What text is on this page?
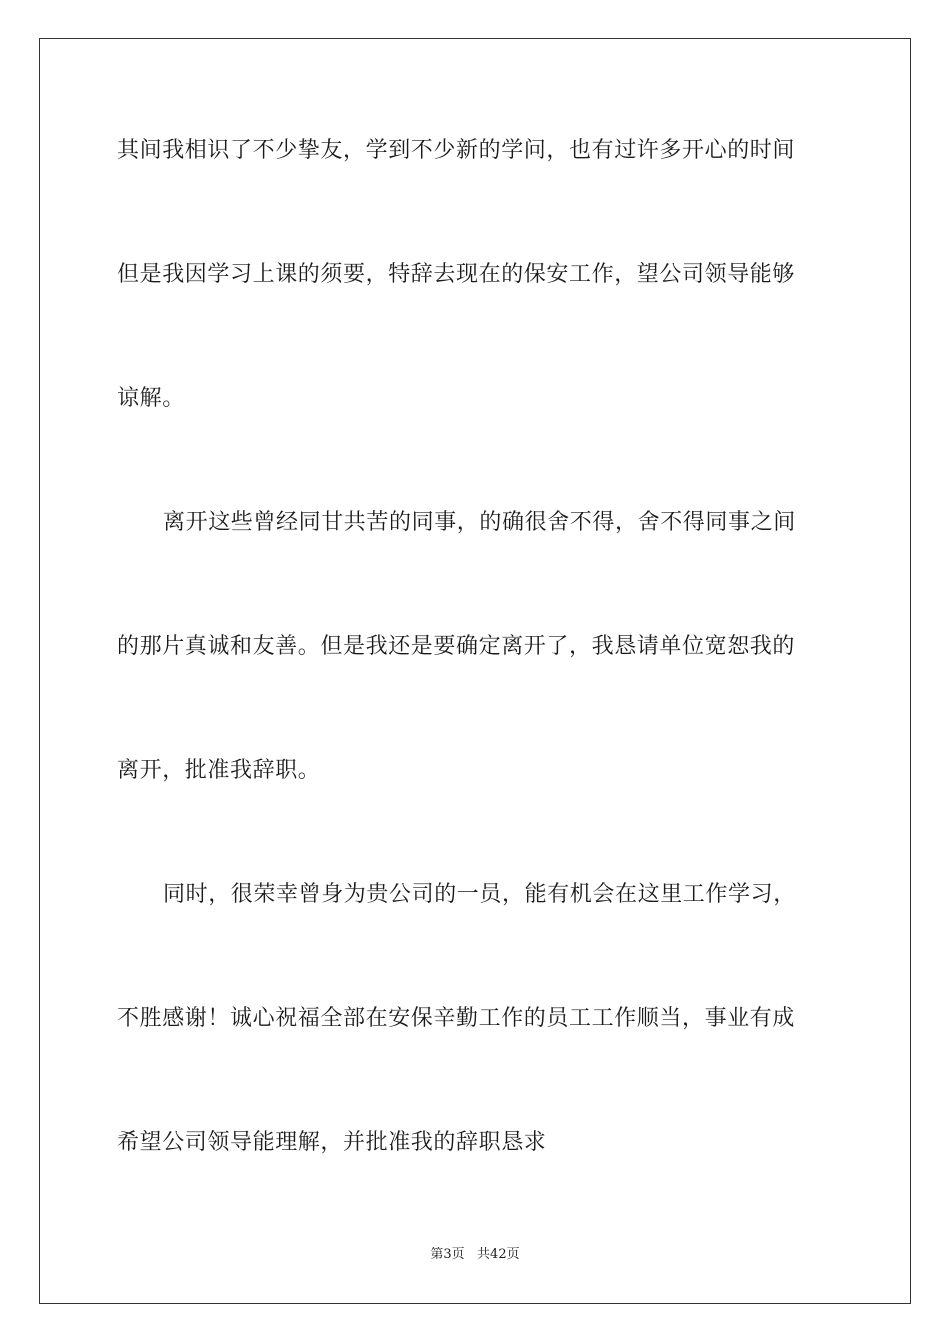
其间我相识了不少挚友，学到不少新的学问，也有过许多开心的时间
但是我因学习上课的须要，特辞去现在的保安工作，望公司领导能够
谅解。
离开这些曾经同甘共苦的同事，的确很舍不得，舍不得同事之间
的那片真诚和友善。但是我还是要确定离开了，我恳请单位宽恕我的
离开，批准我辞职。
同时，很荣幸曾身为贵公司的一员，能有机会在这里工作学习，
不胜感谢！诚心祝福全部在安保辛勤工作的员工工作顺当，事业有成
希望公司领导能理解，并批准我的辞职恳求
第3页   共42页
